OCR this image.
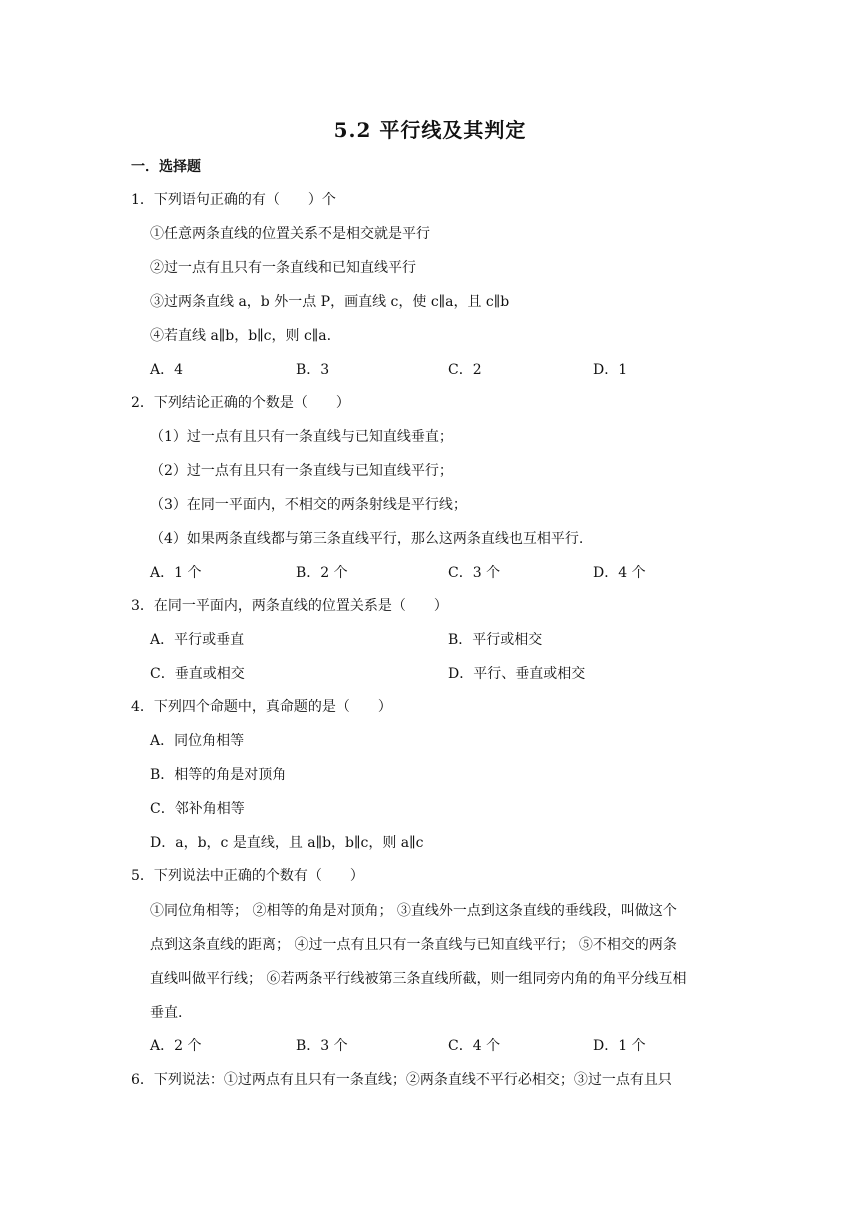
5.2 平行线及其判定
一．选择题
1．下列语句正确的有（　　）个
①任意两条直线的位置关系不是相交就是平行
②过一点有且只有一条直线和已知直线平行
③过两条直线 a，b 外一点 P，画直线 c，使 c∥a，且 c∥b
④若直线 a∥b，b∥c，则 c∥a.
A．4	B．3	C．2	D．1
2．下列结论正确的个数是（　　）
（1）过一点有且只有一条直线与已知直线垂直；
（2）过一点有且只有一条直线与已知直线平行；
（3）在同一平面内，不相交的两条射线是平行线；
（4）如果两条直线都与第三条直线平行，那么这两条直线也互相平行.
A．1 个	B．2 个	C．3 个	D．4 个
3．在同一平面内，两条直线的位置关系是（　　）
A．平行或垂直	B．平行或相交
C．垂直或相交	D．平行、垂直或相交
4．下列四个命题中，真命题的是（　　）
A．同位角相等
B．相等的角是对顶角
C．邻补角相等
D．a，b，c 是直线，且 a∥b，b∥c，则 a∥c
5．下列说法中正确的个数有（　　）
①同位角相等； ②相等的角是对顶角； ③直线外一点到这条直线的垂线段，叫做这个
点到这条直线的距离； ④过一点有且只有一条直线与已知直线平行； ⑤不相交的两条
直线叫做平行线； ⑥若两条平行线被第三条直线所截，则一组同旁内角的角平分线互相
垂直.
A．2 个	B．3 个	C．4 个	D．1 个
6．下列说法：①过两点有且只有一条直线；②两条直线不平行必相交；③过一点有且只
